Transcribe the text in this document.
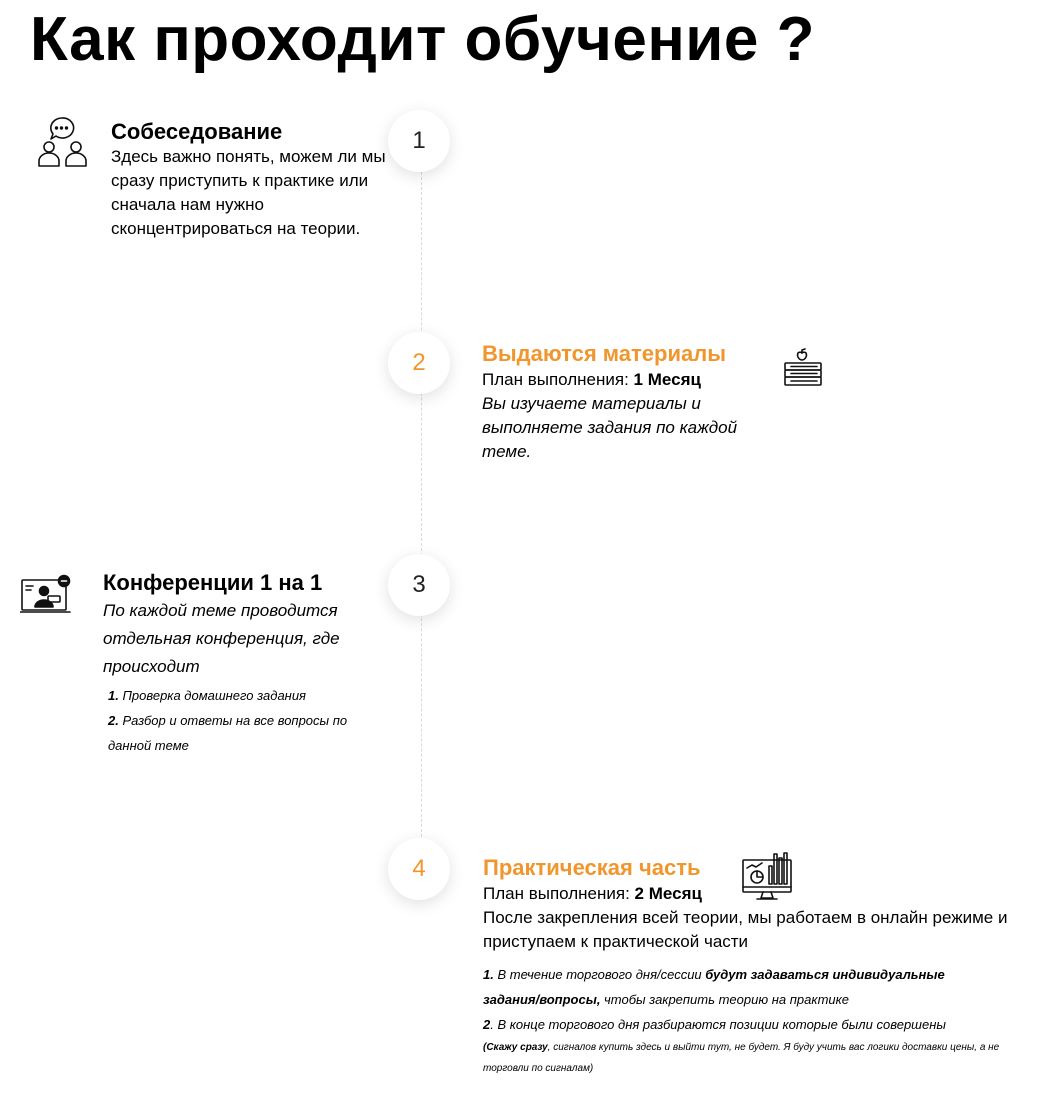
Как проходит обучение ?
Собеседование
Здесь важно понять, можем ли мы сразу приступить к практике или сначала нам нужно сконцентрироваться на теории.
1
2	Выдаются материалы
План выполнения: 1 Месяц
Вы изучаете материалы и выполняете задания по каждой теме.
Конференции 1 на 1
По каждой теме проводится отдельная конференция, где происходит
1. Проверка домашнего задания
2. Разбор и ответы на все вопросы по данной теме
3
4	Практическая часть
План выполнения: 2 Месяц
После закрепления всей теории, мы работаем в онлайн режиме и приступаем к практической части
1. В течение торгового дня/сессии будут задаваться индивидуальные задания/вопросы, чтобы закрепить теорию на практике
2. В конце торгового дня разбираются позиции которые были совершены
(Скажу сразу, сигналов купить здесь и выйти тут, не будет. Я буду учить вас логики доставки цены, а не торговли по сигналам)
